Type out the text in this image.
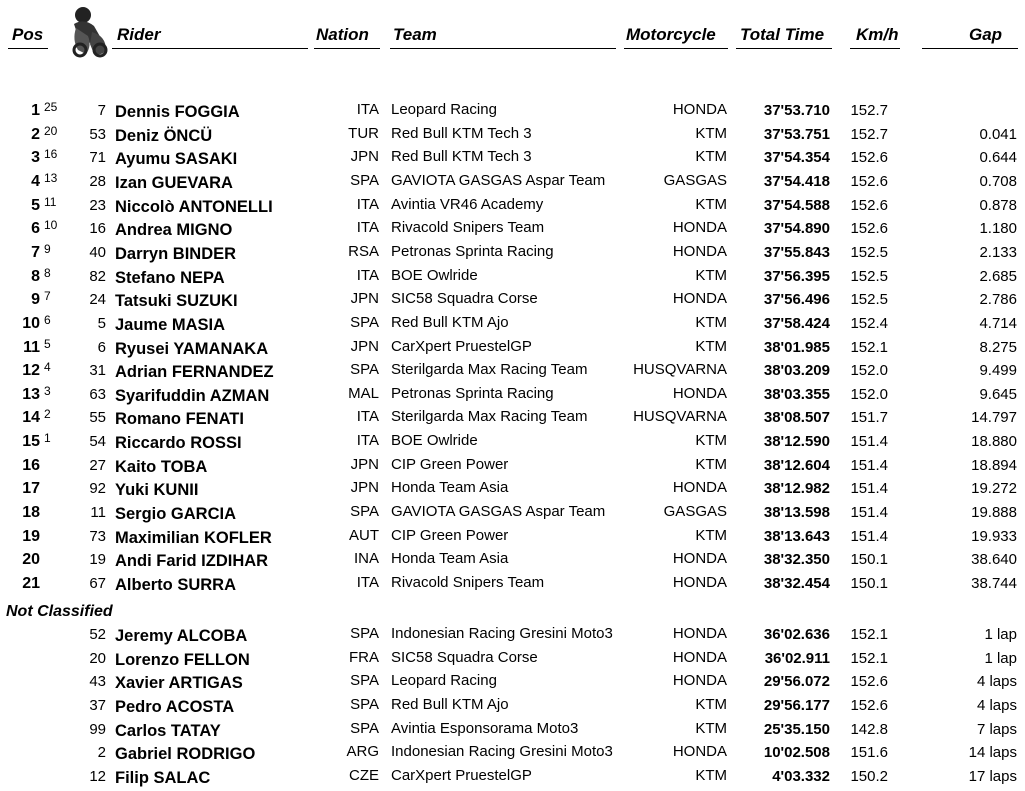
Pos	Rider	Nation Team	Motorcycle Total Time Km/h	Gap
1 25	7 Dennis FOGGIA	ITA Leopard Racing	HONDA	37'53.710	152.7
2 20	53 Deniz ÖNCÜ	TUR Red Bull KTM Tech 3	KTM	37'53.751	152.7	0.041
3 16	71 Ayumu SASAKI	JPN Red Bull KTM Tech 3	KTM	37'54.354	152.6	0.644
4 13	28 Izan GUEVARA	SPA GAVIOTA GASGAS Aspar Team	GASGAS	37'54.418	152.6	0.708
5 11	23 Niccolò ANTONELLI	ITA Avintia VR46 Academy	KTM	37'54.588	152.6	0.878
6 10	16 Andrea MIGNO	ITA Rivacold Snipers Team	HONDA	37'54.890	152.6	1.180
7 9	40 Darryn BINDER	RSA Petronas Sprinta Racing	HONDA	37'55.843	152.5	2.133
8 8	82 Stefano NEPA	ITA BOE Owlride	KTM	37'56.395	152.5	2.685
9 7	24 Tatsuki SUZUKI	JPN SIC58 Squadra Corse	HONDA	37'56.496	152.5	2.786
10 6	5 Jaume MASIA	SPA Red Bull KTM Ajo	KTM	37'58.424	152.4	4.714
11 5	6 Ryusei YAMANAKA	JPN CarXpert PruestelGP	KTM	38'01.985	152.1	8.275
12 4	31 Adrian FERNANDEZ	SPA Sterilgarda Max Racing Team	HUSQVARNA	38'03.209	152.0	9.499
13 3	63 Syarifuddin AZMAN	MAL Petronas Sprinta Racing	HONDA	38'03.355	152.0	9.645
14 2	55 Romano FENATI	ITA Sterilgarda Max Racing Team	HUSQVARNA	38'08.507	151.7	14.797
15 1	54 Riccardo ROSSI	ITA BOE Owlride	KTM	38'12.590	151.4	18.880
16	27 Kaito TOBA	JPN CIP Green Power	KTM	38'12.604	151.4	18.894
17	92 Yuki KUNII	JPN Honda Team Asia	HONDA	38'12.982	151.4	19.272
18	11 Sergio GARCIA	SPA GAVIOTA GASGAS Aspar Team	GASGAS	38'13.598	151.4	19.888
19	73 Maximilian KOFLER	AUT CIP Green Power	KTM	38'13.643	151.4	19.933
20	19 Andi Farid IZDIHAR	INA Honda Team Asia	HONDA	38'32.350	150.1	38.640
21	67 Alberto SURRA	ITA Rivacold Snipers Team	HONDA	38'32.454	150.1	38.744
Not Classified
52 Jeremy ALCOBA	SPA Indonesian Racing Gresini Moto3	HONDA	36'02.636	152.1	1 lap
20 Lorenzo FELLON	FRA SIC58 Squadra Corse	HONDA	36'02.911	152.1	1 lap
43 Xavier ARTIGAS	SPA Leopard Racing	HONDA	29'56.072	152.6	4 laps
37 Pedro ACOSTA	SPA Red Bull KTM Ajo	KTM	29'56.177	152.6	4 laps
99 Carlos TATAY	SPA Avintia Esponsorama Moto3	KTM	25'35.150	142.8	7 laps
2 Gabriel RODRIGO	ARG Indonesian Racing Gresini Moto3	HONDA	10'02.508	151.6	14 laps
12 Filip SALAC	CZE CarXpert PruestelGP	KTM	4'03.332	150.2	17 laps
